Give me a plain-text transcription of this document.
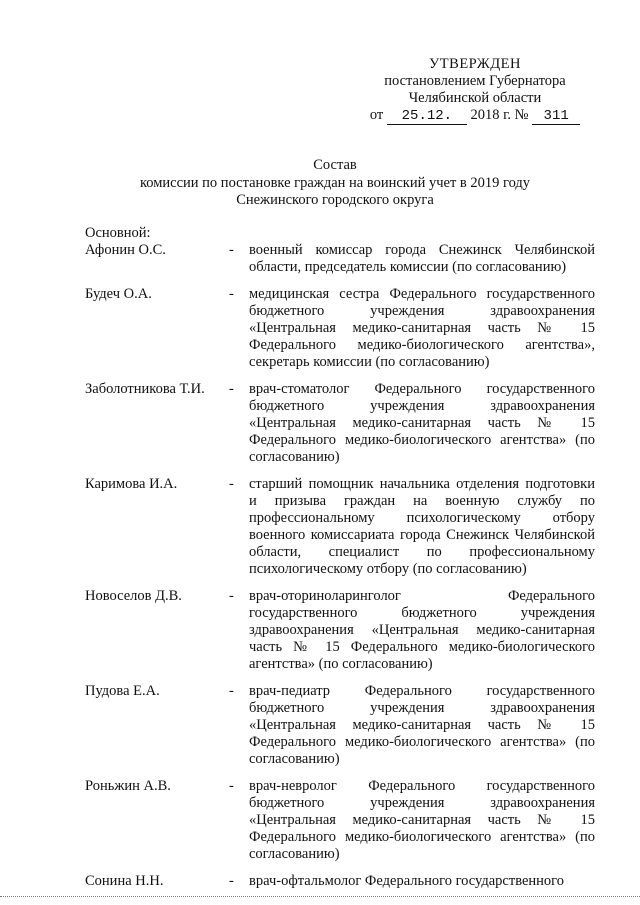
УТВЕРЖДЕН
постановлением Губернатора
Челябинской области
от 25.12. 2018 г. № 311
Состав
комиссии по постановке граждан на воинский учет в 2019 году
Снежинского городского округа
Основной:
Афонин О.С.	-	военный комиссар города Снежинск Челябинской области, председатель комиссии (по согласованию)
Будеч О.А.	-	медицинская сестра Федерального государственного бюджетного учреждения здравоохранения «Центральная медико-санитарная часть № 15 Федерального медико-биологического агентства», секретарь комиссии (по согласованию)
Заболотникова Т.И.	-	врач-стоматолог Федерального государственного бюджетного учреждения здравоохранения «Центральная медико-санитарная часть № 15 Федерального медико-биологического агентства» (по согласованию)
Каримова И.А.	-	старший помощник начальника отделения подготовки и призыва граждан на военную службу по профессиональному психологическому отбору военного комиссариата города Снежинск Челябинской области, специалист по профессиональному психологическому отбору (по согласованию)
Новоселов Д.В.	-	врач-оториноларинголог Федерального государственного бюджетного учреждения здравоохранения «Центральная медико-санитарная часть № 15 Федерального медико-биологического агентства» (по согласованию)
Пудова Е.А.	-	врач-педиатр Федерального государственного бюджетного учреждения здравоохранения «Центральная медико-санитарная часть № 15 Федерального медико-биологического агентства» (по согласованию)
Роньжин А.В.	-	врач-невролог Федерального государственного бюджетного учреждения здравоохранения «Центральная медико-санитарная часть № 15 Федерального медико-биологического агентства» (по согласованию)
Сонина Н.Н.	-	врач-офтальмолог Федерального государственного
